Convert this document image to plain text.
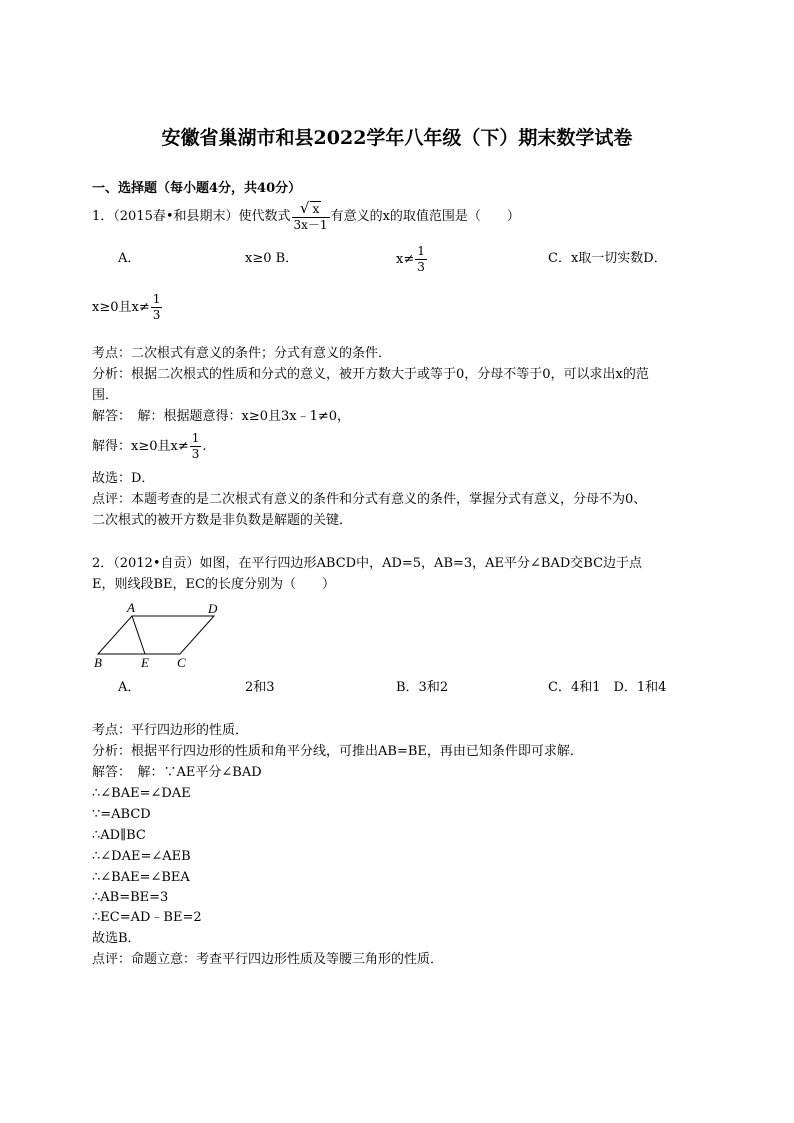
安徽省巢湖市和县2022学年八年级（下）期末数学试卷
一、选择题（每小题4分，共40分）
1．（2015春•和县期末）使代数式 $\frac{√ x}{3x-1}$ 有意义的x的取值范围是（　　）
A．	x≥0 B．	$x\ne \frac{1}{3}$	C．x取一切实数D．
x≥0且$x\ne \frac{1}{3}$
考点：二次根式有意义的条件；分式有意义的条件．
分析：根据二次根式的性质和分式的意义，被开方数大于或等于0，分母不等于0，可以求出x的范
围．
解答：　解：根据题意得：x≥0且3x﹣1≠0，
解得：x≥0且$x\ne \frac{1}{3}$ .
故选：D．
点评：本题考查的是二次根式有意义的条件和分式有意义的条件，掌握分式有意义，分母不为0、
二次根式的被开方数是非负数是解题的关键．
2．（2012•自贡）如图，在平行四边形ABCD中，AD=5，AB=3，AE平分∠BAD交BC边于点
E，则线段BE，EC的长度分别为（　　）
A	D
B	E C
A．	2和3	B．3和2	C．4和1　D．1和4
考点：平行四边形的性质．
分析：根据平行四边形的性质和角平分线，可推出AB=BE，再由已知条件即可求解．
解答：　解：∵AE平分∠BAD
∴∠BAE=∠DAE
∵=ABCD
∴AD∥BC
∴∠DAE=∠AEB
∴∠BAE=∠BEA
∴AB=BE=3
∴EC=AD﹣BE=2
故选B．
点评：命题立意：考查平行四边形性质及等腰三角形的性质．
